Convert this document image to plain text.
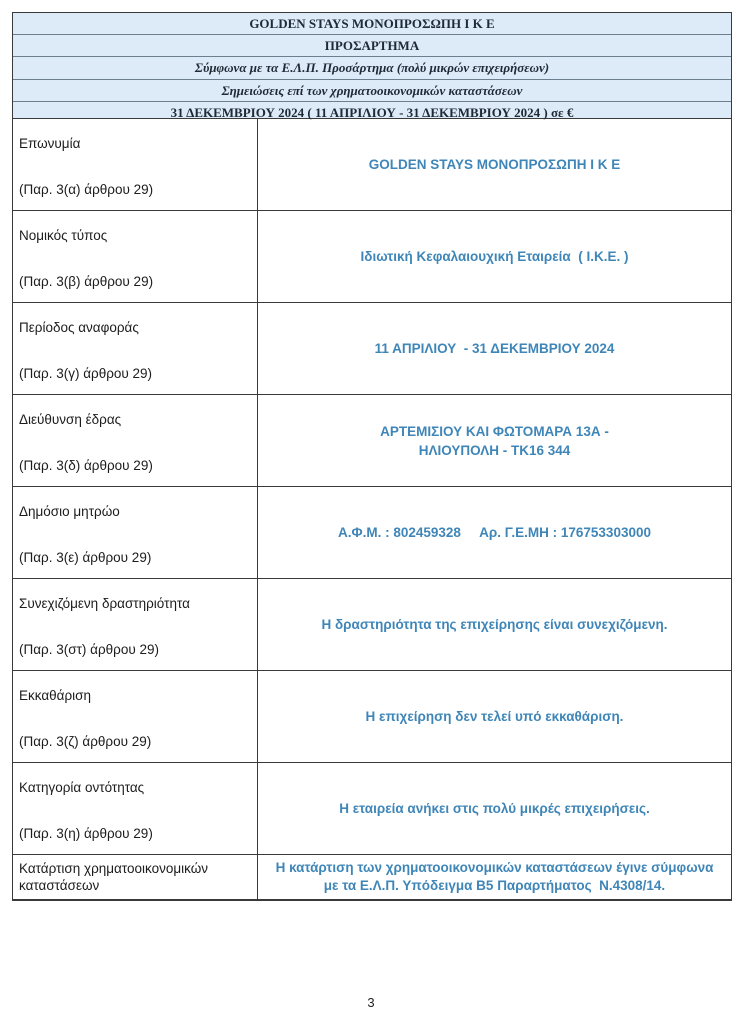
GOLDEN STAYS ΜΟΝΟΠΡΟΣΩΠΗ Ι Κ Ε
ΠΡΟΣΑΡΤΗΜΑ
Σύμφωνα με τα Ε.Λ.Π. Προσάρτημα (πολύ μικρών επιχειρήσεων)
Σημειώσεις επί των χρηματοοικονομικών καταστάσεων
31 ΔΕΚΕΜΒΡΙΟΥ 2024 ( 11 ΑΠΡΙΛΙΟΥ - 31 ΔΕΚΕΜΒΡΙΟΥ 2024 ) σε €
Επωνυμία
(Παρ. 3(α) άρθρου 29)
GOLDEN STAYS ΜΟΝΟΠΡΟΣΩΠΗ Ι Κ Ε
Νομικός τύπος
(Παρ. 3(β) άρθρου 29)
Ιδιωτική Κεφαλαιουχική Εταιρεία  ( Ι.Κ.Ε. )
Περίοδος αναφοράς
(Παρ. 3(γ) άρθρου 29)
11 ΑΠΡΙΛΙΟΥ  - 31 ΔΕΚΕΜΒΡΙΟΥ 2024
Διεύθυνση έδρας
(Παρ. 3(δ) άρθρου 29)
ΑΡΤΕΜΙΣΙΟΥ ΚΑΙ ΦΩΤΟΜΑΡΑ 13Α -
ΗΛΙΟΥΠΟΛΗ - ΤΚ16 344
Δημόσιο μητρώο
(Παρ. 3(ε) άρθρου 29)
Α.Φ.Μ. : 802459328     Αρ. Γ.Ε.ΜΗ : 176753303000
Συνεχιζόμενη δραστηριότητα
(Παρ. 3(στ) άρθρου 29)
Η δραστηριότητα της επιχείρησης είναι συνεχιζόμενη.
Εκκαθάριση
(Παρ. 3(ζ) άρθρου 29)
Η επιχείρηση δεν τελεί υπό εκκαθάριση.
Κατηγορία οντότητας
(Παρ. 3(η) άρθρου 29)
Η εταιρεία ανήκει στις πολύ μικρές επιχειρήσεις.
Κατάρτιση χρηματοοικονομικών
καταστάσεων
Η κατάρτιση των χρηματοοικονομικών καταστάσεων έγινε σύμφωνα
με τα Ε.Λ.Π. Υπόδειγμα Β5 Παραρτήματος  Ν.4308/14.
3
